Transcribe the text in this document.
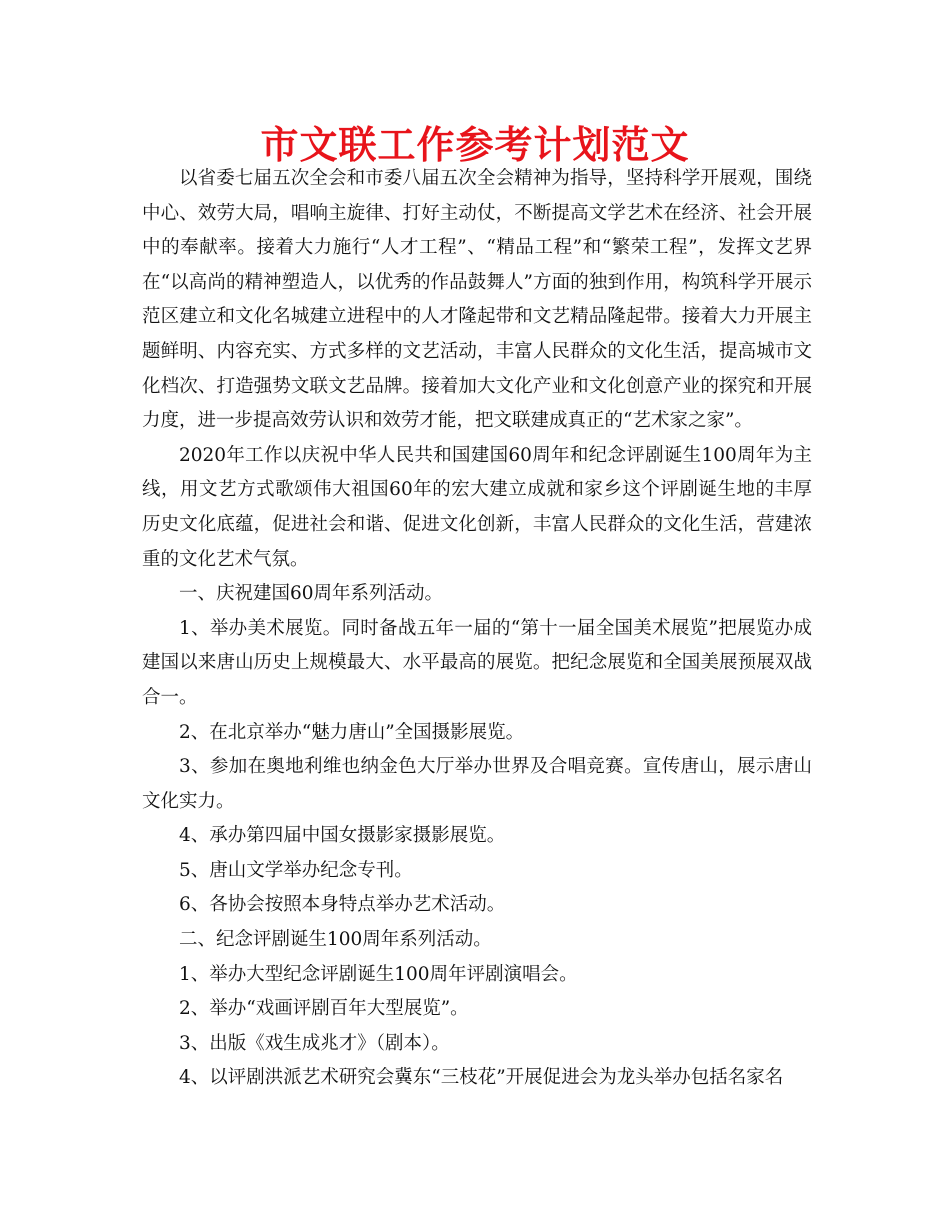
市文联工作参考计划范文

以省委七届五次全会和市委八届五次全会精神为指导，坚持科学开展观，围绕中心、效劳大局，唱响主旋律、打好主动仗，不断提高文学艺术在经济、社会开展中的奉献率。接着大力施行“人才工程”、“精品工程”和“繁荣工程”，发挥文艺界在“以高尚的精神塑造人，以优秀的作品鼓舞人”方面的独到作用，构筑科学开展示范区建立和文化名城建立进程中的人才隆起带和文艺精品隆起带。接着大力开展主题鲜明、内容充实、方式多样的文艺活动，丰富人民群众的文化生活，提高城市文化档次、打造强势文联文艺品牌。接着加大文化产业和文化创意产业的探究和开展力度，进一步提高效劳认识和效劳才能，把文联建成真正的“艺术家之家”。

2020年工作以庆祝中华人民共和国建国60周年和纪念评剧诞生100周年为主线，用文艺方式歌颂伟大祖国60年的宏大建立成就和家乡这个评剧诞生地的丰厚历史文化底蕴，促进社会和谐、促进文化创新，丰富人民群众的文化生活，营建浓重的文化艺术气氛。

一、庆祝建国60周年系列活动。

1、举办美术展览。同时备战五年一届的“第十一届全国美术展览”把展览办成建国以来唐山历史上规模最大、水平最高的展览。把纪念展览和全国美展预展双战合一。

2、在北京举办“魅力唐山”全国摄影展览。

3、参加在奥地利维也纳金色大厅举办世界及合唱竞赛。宣传唐山，展示唐山文化实力。

4、承办第四届中国女摄影家摄影展览。

5、唐山文学举办纪念专刊。

6、各协会按照本身特点举办艺术活动。

二、纪念评剧诞生100周年系列活动。

1、举办大型纪念评剧诞生100周年评剧演唱会。

2、举办“戏画评剧百年大型展览”。

3、出版《戏生成兆才》（剧本）。

4、以评剧洪派艺术研究会冀东“三枝花”开展促进会为龙头举办包括名家名
